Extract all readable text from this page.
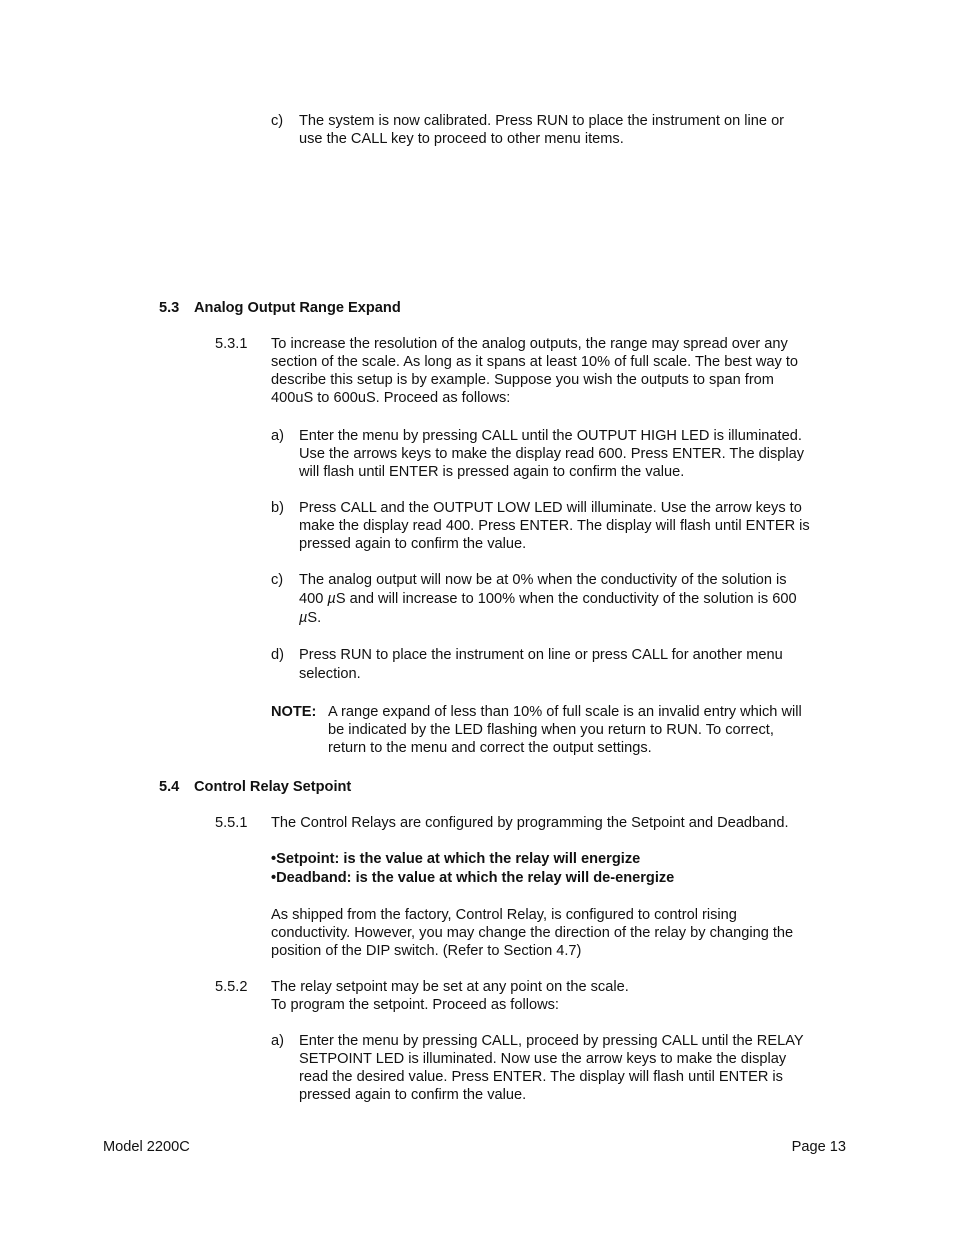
c) The system is now calibrated. Press RUN to place the instrument on line or
use the CALL key to proceed to other menu items.
5.3 Analog Output Range Expand
5.3.1 To increase the resolution of the analog outputs, the range may spread over any
section of the scale. As long as it spans at least 10% of full scale. The best way to
describe this setup is by example. Suppose you wish the outputs to span from
400uS to 600uS. Proceed as follows:
a) Enter the menu by pressing CALL until the OUTPUT HIGH LED is illuminated.
Use the arrows keys to make the display read 600. Press ENTER. The display
will flash until ENTER is pressed again to confirm the value.
b) Press CALL and the OUTPUT LOW LED will illuminate. Use the arrow keys to
make the display read 400. Press ENTER. The display will flash until ENTER is
pressed again to confirm the value.
c) The analog output will now be at 0% when the conductivity of the solution is
400 µS and will increase to 100% when the conductivity of the solution is 600
µS.
d) Press RUN to place the instrument on line or press CALL for another menu
selection.
NOTE: A range expand of less than 10% of full scale is an invalid entry which will
be indicated by the LED flashing when you return to RUN. To correct,
return to the menu and correct the output settings.
5.4 Control Relay Setpoint
5.5.1 The Control Relays are configured by programming the Setpoint and Deadband.
•Setpoint: is the value at which the relay will energize
•Deadband: is the value at which the relay will de-energize
As shipped from the factory, Control Relay, is configured to control rising
conductivity. However, you may change the direction of the relay by changing the
position of the DIP switch. (Refer to Section 4.7)
5.5.2 The relay setpoint may be set at any point on the scale.
To program the setpoint. Proceed as follows:
a) Enter the menu by pressing CALL, proceed by pressing CALL until the RELAY
SETPOINT LED is illuminated. Now use the arrow keys to make the display
read the desired value. Press ENTER. The display will flash until ENTER is
pressed again to confirm the value.
Model 2200C	Page 13
